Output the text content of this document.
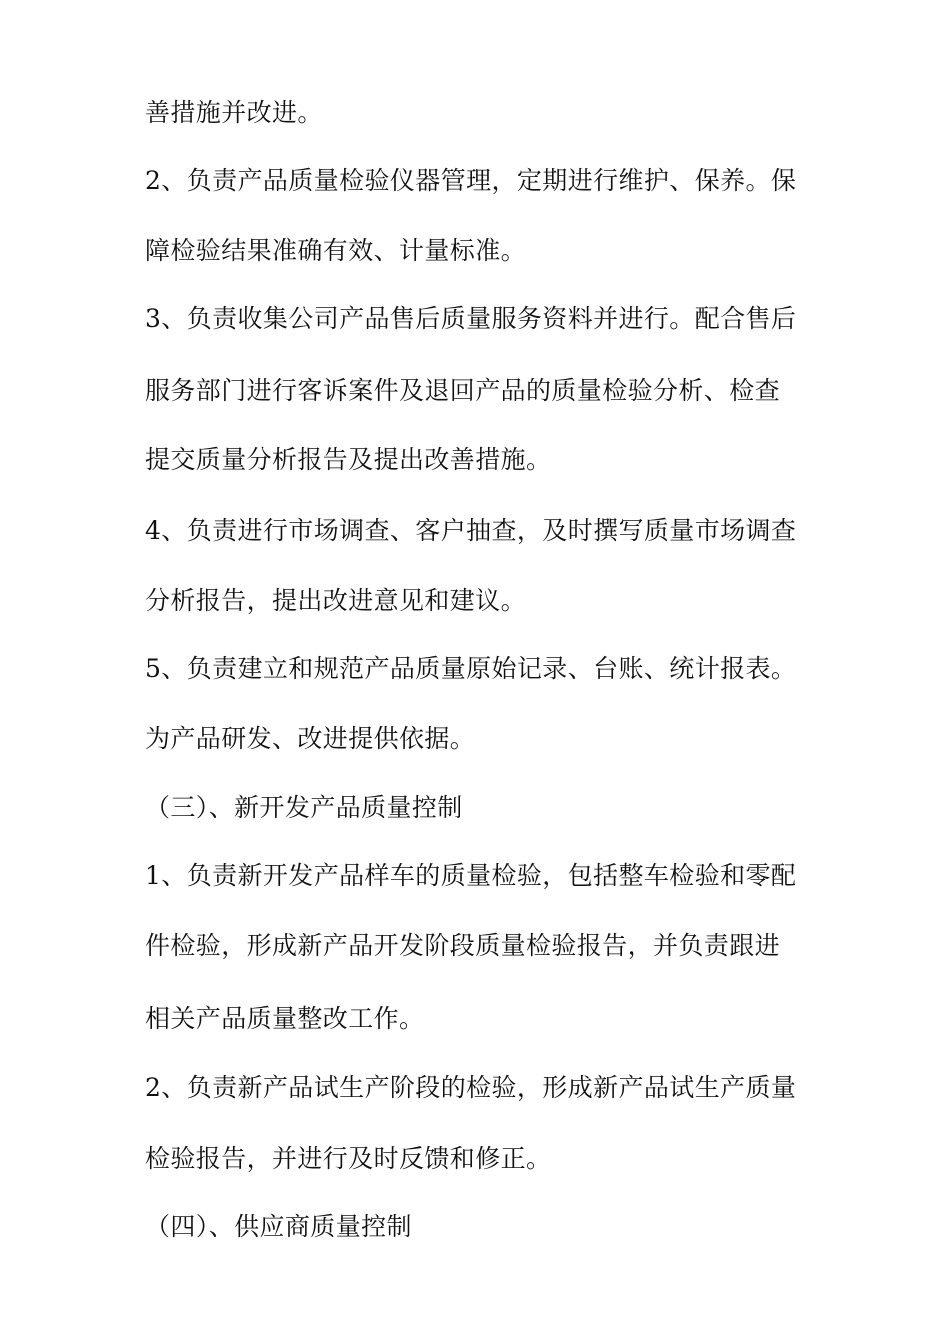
善措施并改进。
2、负责产品质量检验仪器管理，定期进行维护、保养。保
障检验结果准确有效、计量标准。
3、负责收集公司产品售后质量服务资料并进行。配合售后
服务部门进行客诉案件及退回产品的质量检验分析、检查
提交质量分析报告及提出改善措施。
4、负责进行市场调查、客户抽查，及时撰写质量市场调查
分析报告，提出改进意见和建议。
5、负责建立和规范产品质量原始记录、台账、统计报表。
为产品研发、改进提供依据。
（三）、新开发产品质量控制
1、负责新开发产品样车的质量检验，包括整车检验和零配
件检验，形成新产品开发阶段质量检验报告，并负责跟进
相关产品质量整改工作。
2、负责新产品试生产阶段的检验，形成新产品试生产质量
检验报告，并进行及时反馈和修正。
（四）、供应商质量控制
